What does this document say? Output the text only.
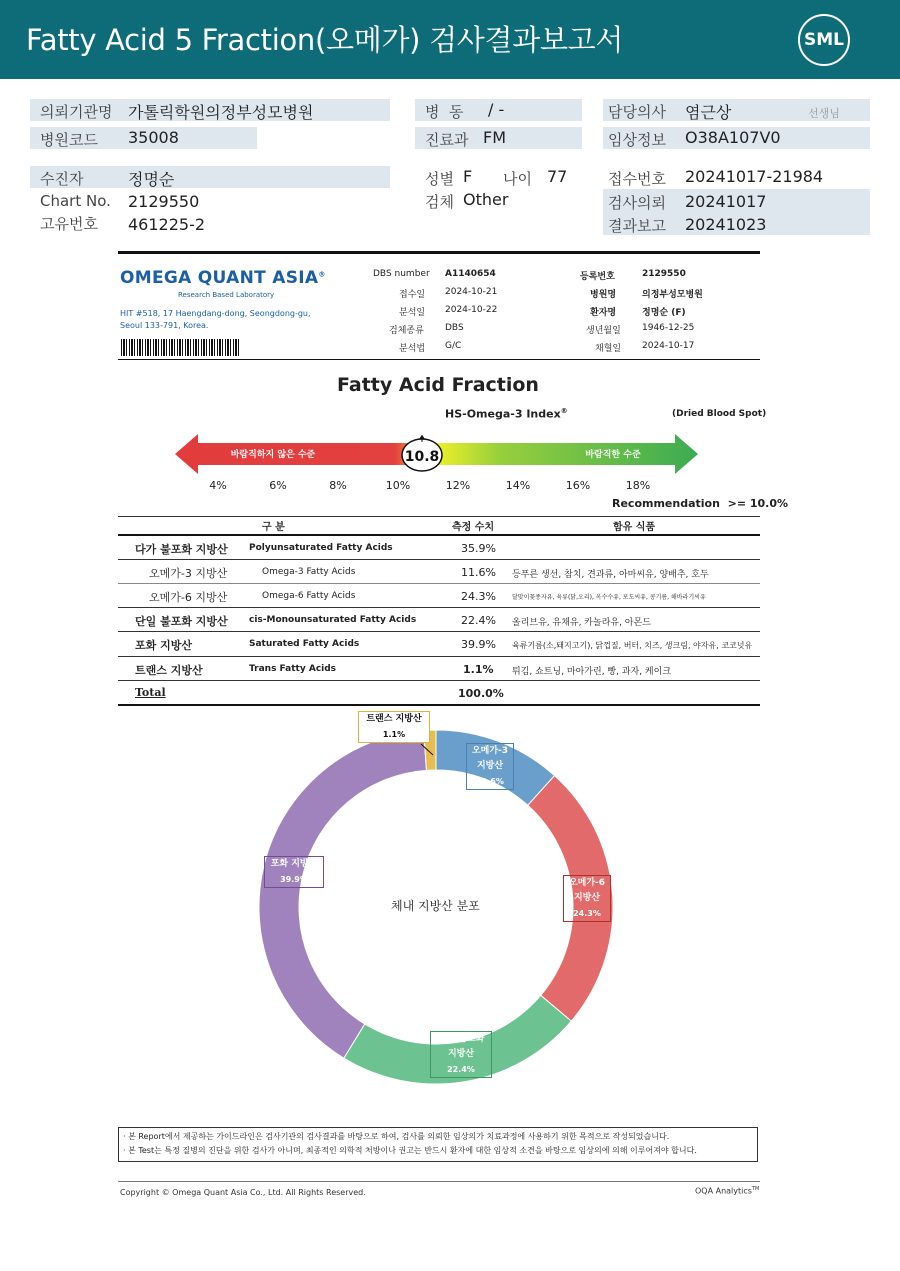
Fatty Acid 5 Fraction(오메가) 검사결과보고서	SML
의뢰기관명 가톨릭학원의정부성모병원
병원코드 35008
병  동 / -
진료과 FM
담당의사 염근상	선생님
임상정보 O38A107V0
수진자	정명순
Chart No. 2129550
고유번호 461225-2
성별 F 나이 77
검체 Other
접수번호 20241017-21984
검사의뢰 20241017
결과보고 20241023
OMEGA QUANT ASIA®
Research Based Laboratory
HIT #518, 17 Haengdang-dong, Seongdong-gu,
Seoul 133-791, Korea.
DBS number A1140654
접수일 2024-10-21
분석일 2024-10-22
검체종류 DBS
분석법 G/C
등록번호	2129550
병원명	의정부성모병원
환자명	정명순 (F)
생년월일 1946-12-25
채혈일 2024-10-17
Fatty Acid Fraction
HS-Omega-3 Index®	(Dried Blood Spot)
바람직하지 않은 수준	바람직한 수준
10.8
4%	6%	8%	10%	12%	14%	16%	18%
Recommendation  >= 10.0%
구 분	측정 수치	함유 식품
다가 불포화 지방산 Polyunsaturated Fatty Acids	35.9%
오메가-3 지방산	Omega-3 Fatty Acids	11.6% 등푸른 생선, 참치, 견과류, 아마씨유, 양배추, 호두
오메가-6 지방산	Omega-6 Fatty Acids	24.3%	달맞이꽃종자유, 육류(닭,오리), 옥수수유, 포도씨유, 콩기름, 해바라기씨유
단일 불포화 지방산 cis-Monounsaturated Fatty Acids	22.4% 올리브유, 유채유, 카놀라유, 아몬드
포화 지방산	Saturated Fatty Acids	39.9% 육류기름(소,돼지고기), 닭껍질, 버터, 치즈, 생크림, 야자유, 코코넛유
트랜스 지방산	Trans Fatty Acids	1.1% 튀김, 쇼트닝, 마아가린, 빵, 과자, 케이크
Total	100.0%
체내 지방산 분포
오메가-3
지방산
11.6%
오메가-6
지방산
24.3%
단일 불포화
지방산
22.4%
포화 지방산
39.9%
트랜스 지방산
1.1%
· 본 Report에서 제공하는 가이드라인은 검사기관의 검사결과를 바탕으로 하여, 검사를 의뢰한 임상의가 치료과정에 사용하기 위한 목적으로 작성되었습니다.
· 본 Test는 특정 질병의 진단을 위한 검사가 아니며, 최종적인 의학적 처방이나 권고는 반드시 환자에 대한 임상적 소견을 바탕으로 임상의에 의해 이루어져야 합니다.
Copyright © Omega Quant Asia Co., Ltd. All Rights Reserved.	OQA Analytics™
